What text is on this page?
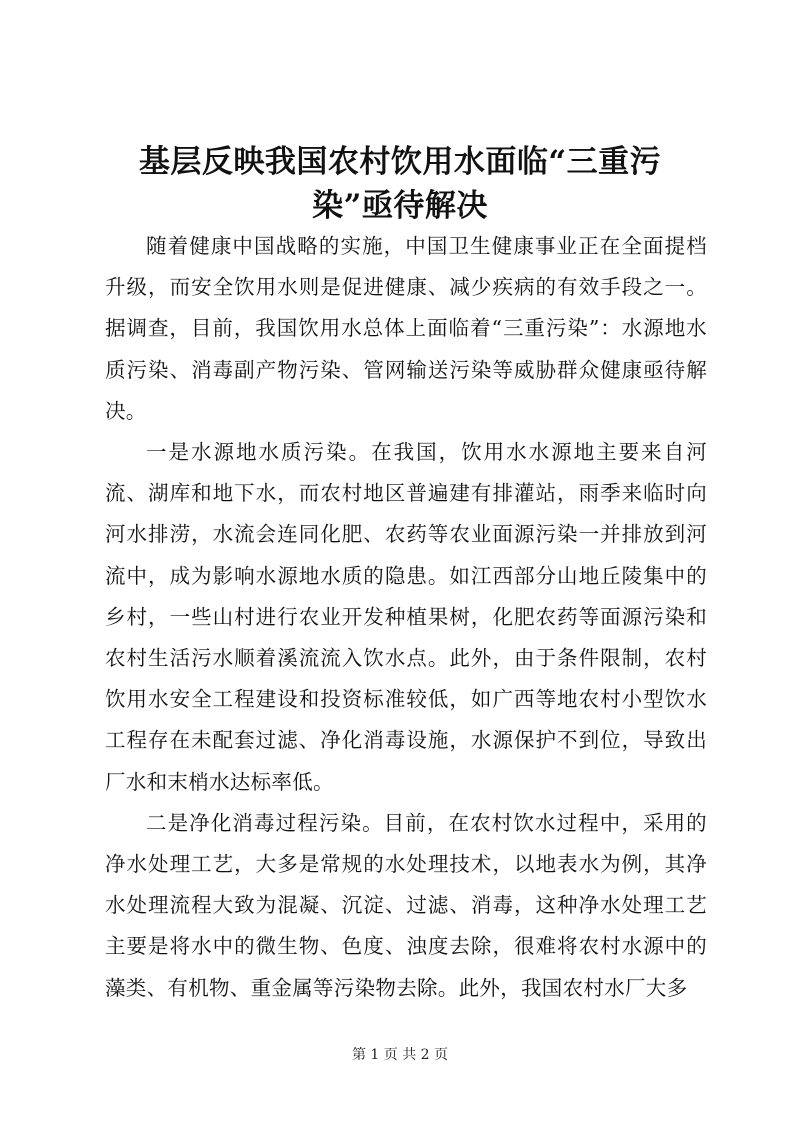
基层反映我国农村饮用水面临“三重污染”亟待解决

随着健康中国战略的实施，中国卫生健康事业正在全面提档升级，而安全饮用水则是促进健康、减少疾病的有效手段之一。据调查，目前，我国饮用水总体上面临着“三重污染”：水源地水质污染、消毒副产物污染、管网输送污染等威胁群众健康亟待解决。

一是水源地水质污染。在我国，饮用水水源地主要来自河流、湖库和地下水，而农村地区普遍建有排灌站，雨季来临时向河水排涝，水流会连同化肥、农药等农业面源污染一并排放到河流中，成为影响水源地水质的隐患。如江西部分山地丘陵集中的乡村，一些山村进行农业开发种植果树，化肥农药等面源污染和农村生活污水顺着溪流流入饮水点。此外，由于条件限制，农村饮用水安全工程建设和投资标准较低，如广西等地农村小型饮水工程存在未配套过滤、净化消毒设施，水源保护不到位，导致出厂水和末梢水达标率低。

二是净化消毒过程污染。目前，在农村饮水过程中，采用的净水处理工艺，大多是常规的水处理技术，以地表水为例，其净水处理流程大致为混凝、沉淀、过滤、消毒，这种净水处理工艺主要是将水中的微生物、色度、浊度去除，很难将农村水源中的藻类、有机物、重金属等污染物去除。此外，我国农村水厂大多

第 1 页 共 2 页
